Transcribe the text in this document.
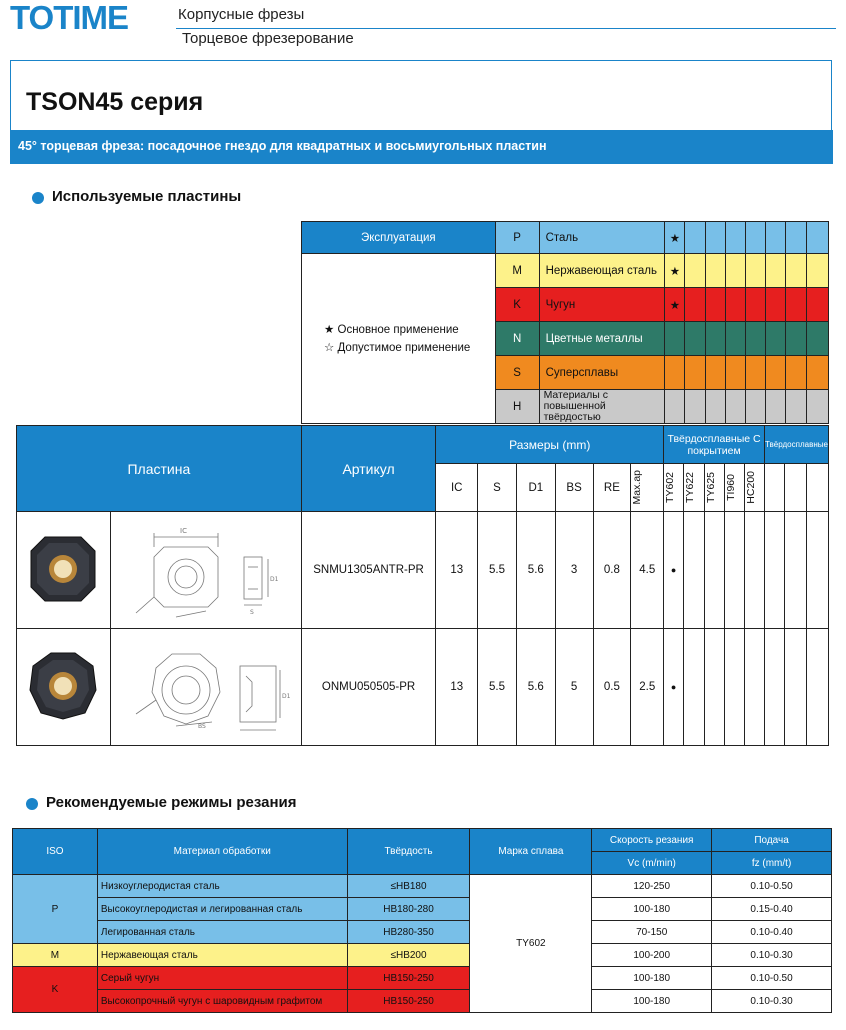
TOTIME	Корпусные фрезы
Торцевое фрезерование
TSON45 серия
45° торцевая фреза: посадочное гнездо для квадратных и восьмиугольных пластин
Используемые пластины
Эксплуатация	P	Сталь	★							

★ Основное применение
☆ Допустимое применение	M	Нержавеющая сталь	★							
	K	Чугун	★							
	N	Цветные металлы								
	S	Суперсплавы								
	H	Материалы с повышенной твёрдостью								
Пластина		Артикул	Размеры (mm)						Твёрдосплавные С покрытием					Твёрдосплавные		
			IC	S	D1	BS	RE	Max.ap	TY602	TY622	TY625	TI960	HC200			

IC
D1
S	SNMU1305ANTR-PR	13	5.5	5.6	3	0.8	4.5	●							

BS
D1	ONMU050505-PR	13	5.5	5.6	5	0.5	2.5	●							
Рекомендуемые режимы резания
ISO	Материал обработки	Твёрдость	Марка сплава	Скорость резания	Подача
				Vc (m/min)	fz (mm/t)
P	Низкоуглеродистая сталь	≤HB180	TY602	120-250	0.10-0.50
	Высокоуглеродистая и легированная сталь	HB180-280		100-180	0.15-0.40
	Легированная сталь	HB280-350		70-150	0.10-0.40
M	Нержавеющая сталь	≤HB200		100-200	0.10-0.30
K	Серый чугун	HB150-250		100-180	0.10-0.50
	Высокопрочный чугун с шаровидным графитом	HB150-250		100-180	0.10-0.30
